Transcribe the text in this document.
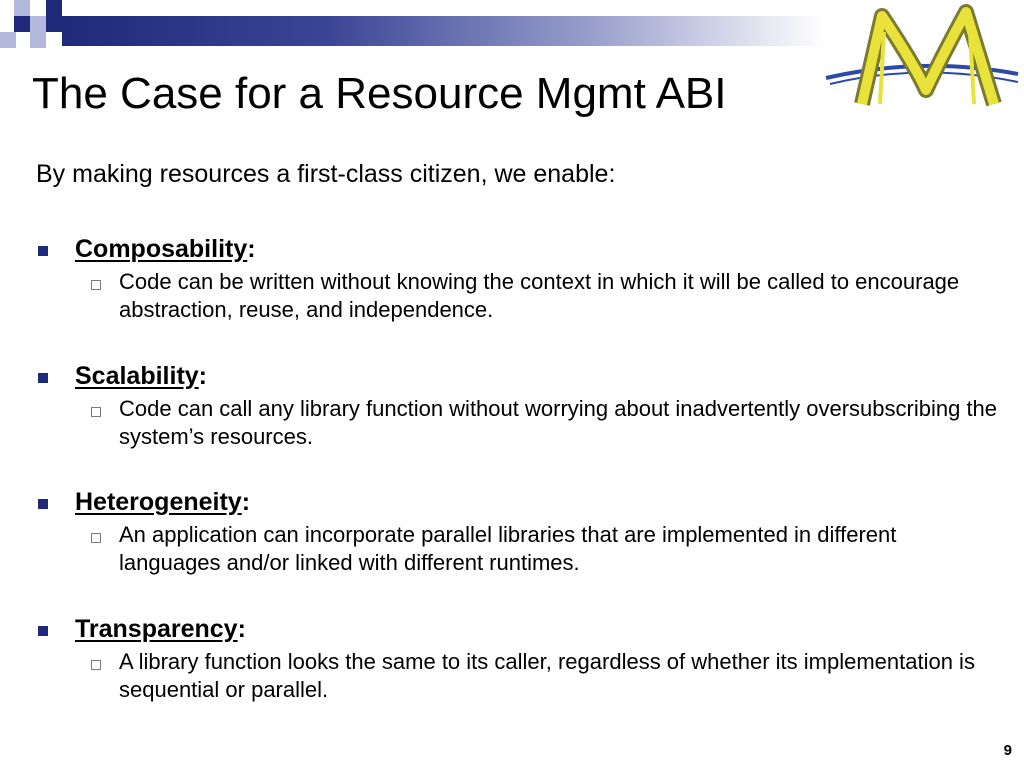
The Case for a Resource Mgmt ABI
By making resources a first-class citizen, we enable:
Composability:
Code can be written without knowing the context in which it will be called to encourage abstraction, reuse, and independence.
Scalability:
Code can call any library function without worrying about inadvertently oversubscribing the system’s resources.
Heterogeneity:
An application can incorporate parallel libraries that are implemented in different languages and/or linked with different runtimes.
Transparency:
A library function looks the same to its caller, regardless of whether its implementation is sequential or parallel.
9
